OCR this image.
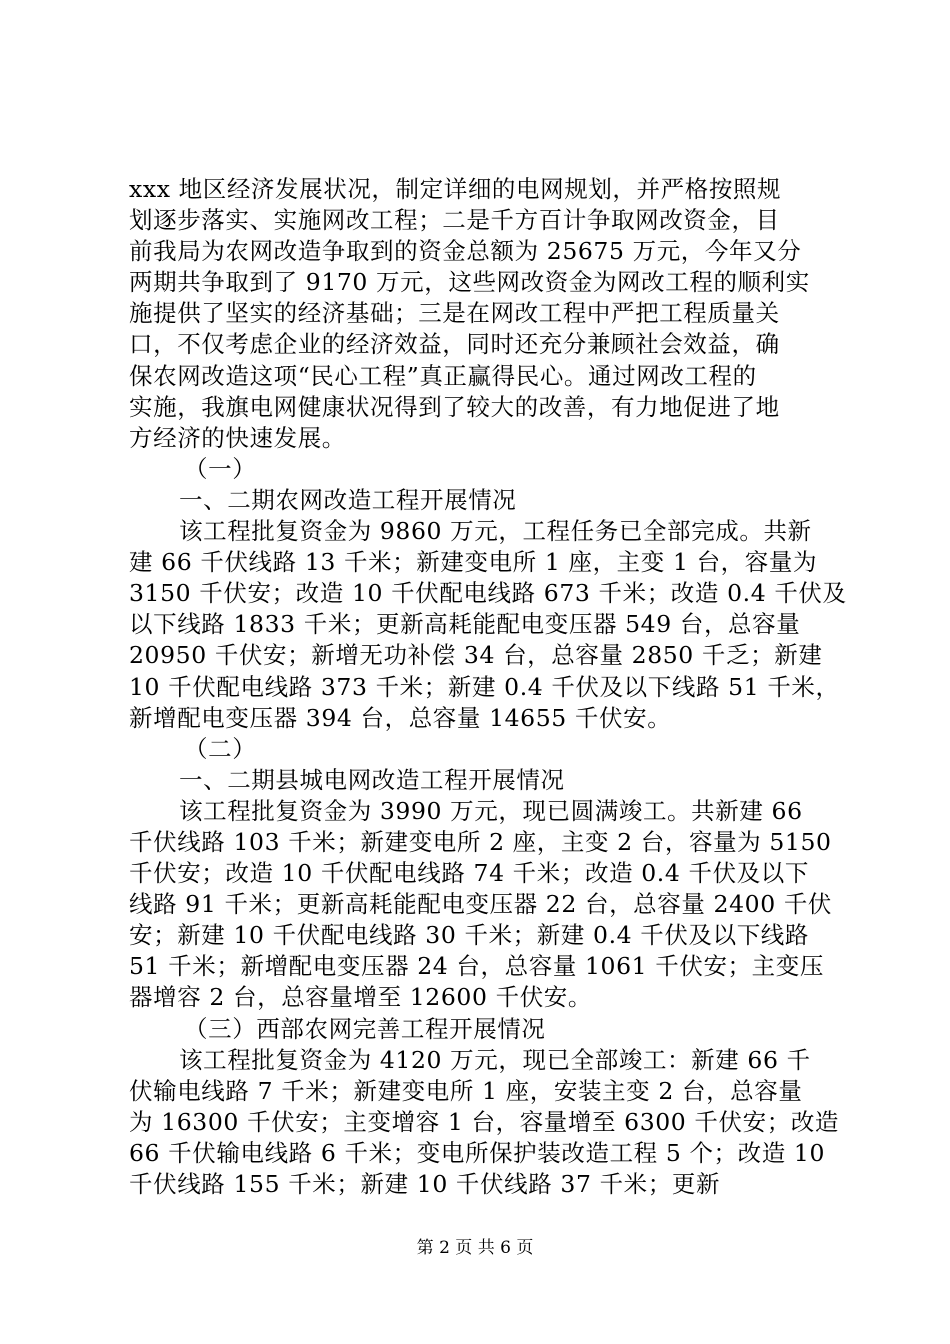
xxx 地区经济发展状况，制定详细的电网规划，并严格按照规
划逐步落实、实施网改工程；二是千方百计争取网改资金，目
前我局为农网改造争取到的资金总额为 25675 万元，今年又分
两期共争取到了 9170 万元，这些网改资金为网改工程的顺利实
施提供了坚实的经济基础；三是在网改工程中严把工程质量关
口，不仅考虑企业的经济效益，同时还充分兼顾社会效益，确
保农网改造这项“民心工程”真正赢得民心。通过网改工程的
实施，我旗电网健康状况得到了较大的改善，有力地促进了地
方经济的快速发展。
（一）
一、二期农网改造工程开展情况
该工程批复资金为 9860 万元，工程任务已全部完成。共新
建 66 千伏线路 13 千米；新建变电所 1 座，主变 1 台，容量为
3150 千伏安；改造 10 千伏配电线路 673 千米；改造 0.4 千伏及
以下线路 1833 千米；更新高耗能配电变压器 549 台，总容量
20950 千伏安；新增无功补偿 34 台，总容量 2850 千乏；新建
10 千伏配电线路 373 千米；新建 0.4 千伏及以下线路 51 千米，
新增配电变压器 394 台，总容量 14655 千伏安。
（二）
一、二期县城电网改造工程开展情况
该工程批复资金为 3990 万元，现已圆满竣工。共新建 66
千伏线路 103 千米；新建变电所 2 座，主变 2 台，容量为 5150
千伏安；改造 10 千伏配电线路 74 千米；改造 0.4 千伏及以下
线路 91 千米；更新高耗能配电变压器 22 台，总容量 2400 千伏
安；新建 10 千伏配电线路 30 千米；新建 0.4 千伏及以下线路
51 千米；新增配电变压器 24 台，总容量 1061 千伏安；主变压
器增容 2 台，总容量增至 12600 千伏安。
（三）西部农网完善工程开展情况
该工程批复资金为 4120 万元，现已全部竣工：新建 66 千
伏输电线路 7 千米；新建变电所 1 座，安装主变 2 台，总容量
为 16300 千伏安；主变增容 1 台，容量增至 6300 千伏安；改造
66 千伏输电线路 6 千米；变电所保护装改造工程 5 个；改造 10
千伏线路 155 千米；新建 10 千伏线路 37 千米；更新
第 2 页 共 6 页
